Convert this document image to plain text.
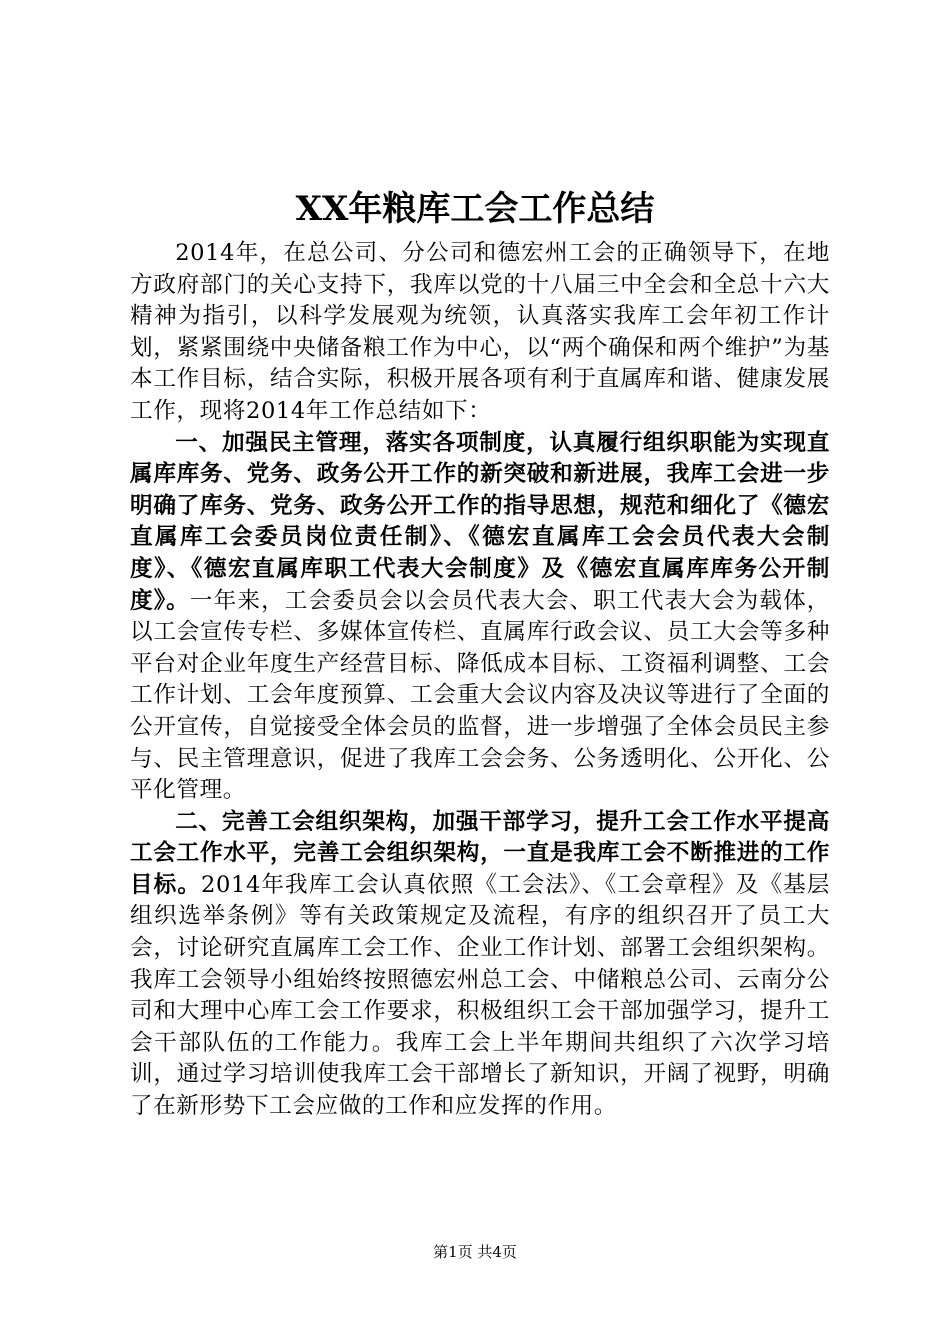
XX年粮库工会工作总结

2014年，在总公司、分公司和德宏州工会的正确领导下，在地方政府部门的关心支持下，我库以党的十八届三中全会和全总十六大精神为指引，以科学发展观为统领，认真落实我库工会年初工作计划，紧紧围绕中央储备粮工作为中心，以“两个确保和两个维护”为基本工作目标，结合实际，积极开展各项有利于直属库和谐、健康发展工作，现将2014年工作总结如下：

一、加强民主管理，落实各项制度，认真履行组织职能为实现直属库库务、党务、政务公开工作的新突破和新进展，我库工会进一步明确了库务、党务、政务公开工作的指导思想，规范和细化了《德宏直属库工会委员岗位责任制》、《德宏直属库工会会员代表大会制度》、《德宏直属库职工代表大会制度》及《德宏直属库库务公开制度》。一年来，工会委员会以会员代表大会、职工代表大会为载体，以工会宣传专栏、多媒体宣传栏、直属库行政会议、员工大会等多种平台对企业年度生产经营目标、降低成本目标、工资福利调整、工会工作计划、工会年度预算、工会重大会议内容及决议等进行了全面的公开宣传，自觉接受全体会员的监督，进一步增强了全体会员民主参与、民主管理意识，促进了我库工会会务、公务透明化、公开化、公平化管理。

二、完善工会组织架构，加强干部学习，提升工会工作水平提高工会工作水平，完善工会组织架构，一直是我库工会不断推进的工作目标。2014年我库工会认真依照《工会法》、《工会章程》及《基层组织选举条例》等有关政策规定及流程，有序的组织召开了员工大会，讨论研究直属库工会工作、企业工作计划、部署工会组织架构。我库工会领导小组始终按照德宏州总工会、中储粮总公司、云南分公司和大理中心库工会工作要求，积极组织工会干部加强学习，提升工会干部队伍的工作能力。我库工会上半年期间共组织了六次学习培训，通过学习培训使我库工会干部增长了新知识，开阔了视野，明确了在新形势下工会应做的工作和应发挥的作用。

第1页 共4页
